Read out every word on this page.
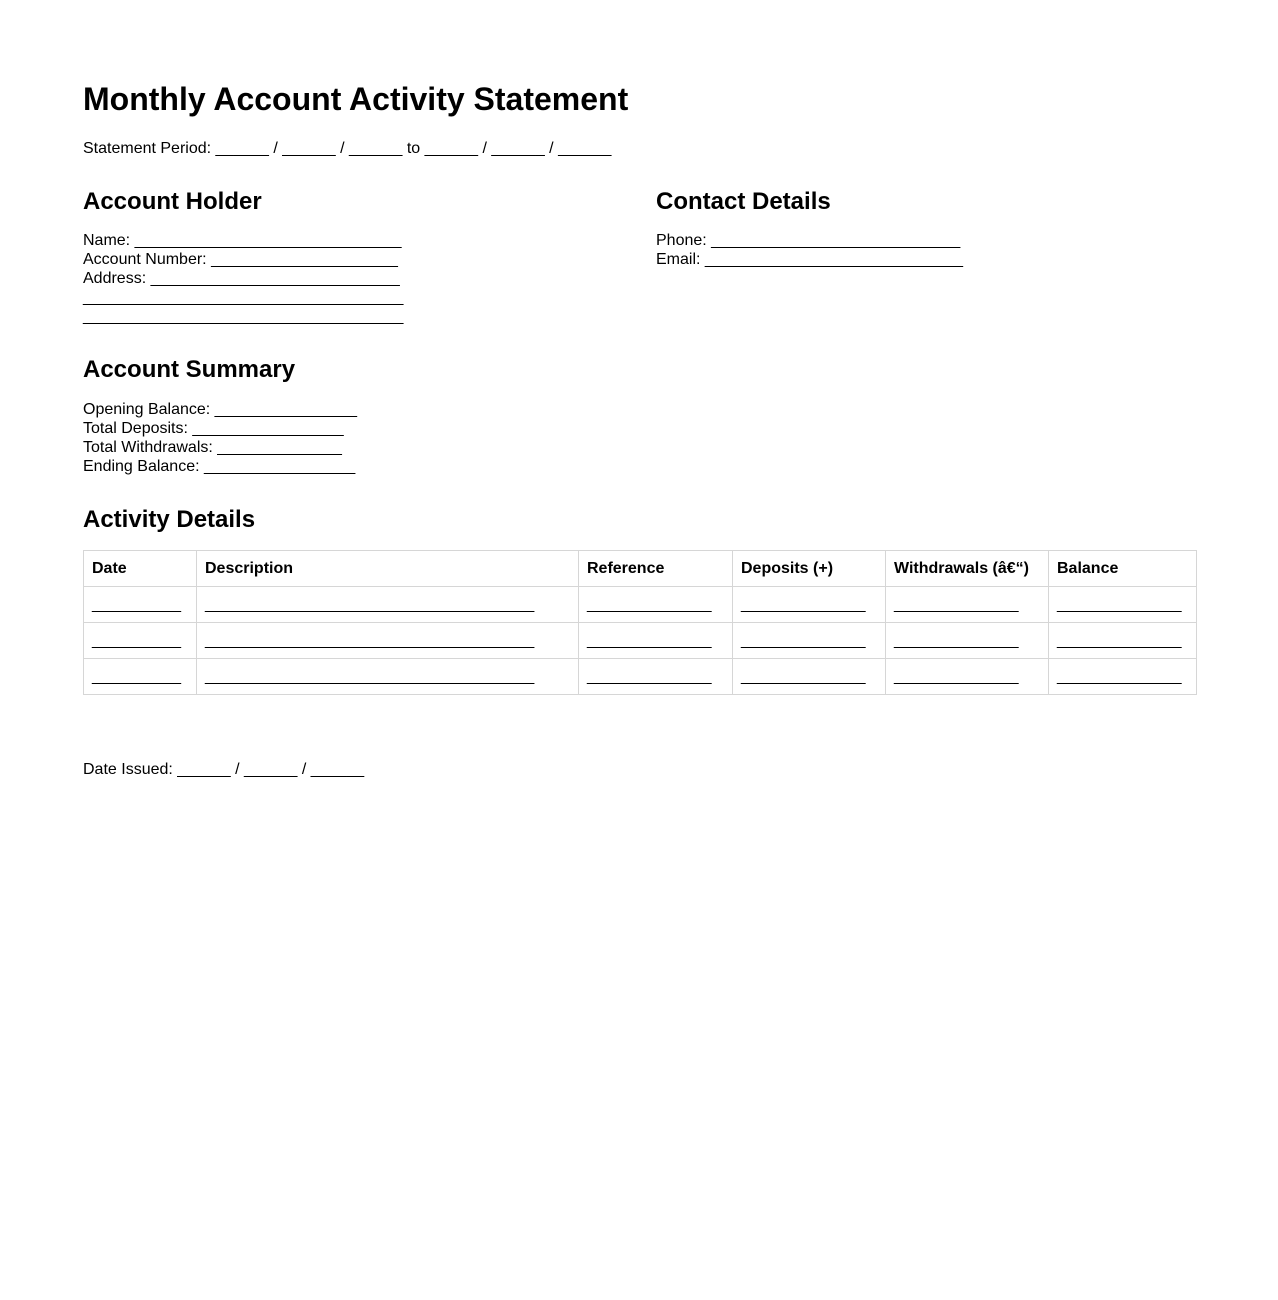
Monthly Account Activity Statement

Statement Period: ______ / ______ / ______ to ______ / ______ / ______

Account Holder
Name: ______________________________
Account Number: _____________________
Address: ____________________________
____________________________________
____________________________________
Contact Details
Phone: ____________________________
Email: _____________________________
Account Summary
Opening Balance: ________________
Total Deposits: _________________
Total Withdrawals: ______________
Ending Balance: _________________
Activity Details
Date	Description	Reference	Deposits (+)	Withdrawals (â€“)	Balance
__________	_____________________________________	______________	______________	______________	______________
__________	_____________________________________	______________	______________	______________	______________
__________	_____________________________________	______________	______________	______________	______________

Date Issued: ______ / ______ / ______
